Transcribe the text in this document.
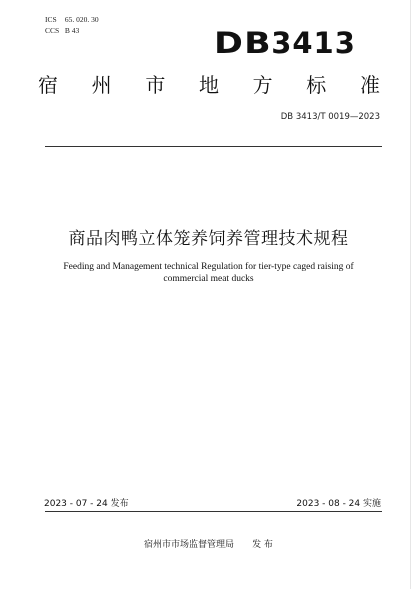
ICS 65. 020. 30
CCS B 43	DB3413
宿 州 市 地 方 标 准
DB 3413/T 0019—2023
商品肉鸭立体笼养饲养管理技术规程
Feeding and Management technical Regulation for tier-type caged raising of commercial meat ducks
2023 - 07 - 24 发布	2023 - 08 - 24 实施
宿州市市场监督管理局 发 布
